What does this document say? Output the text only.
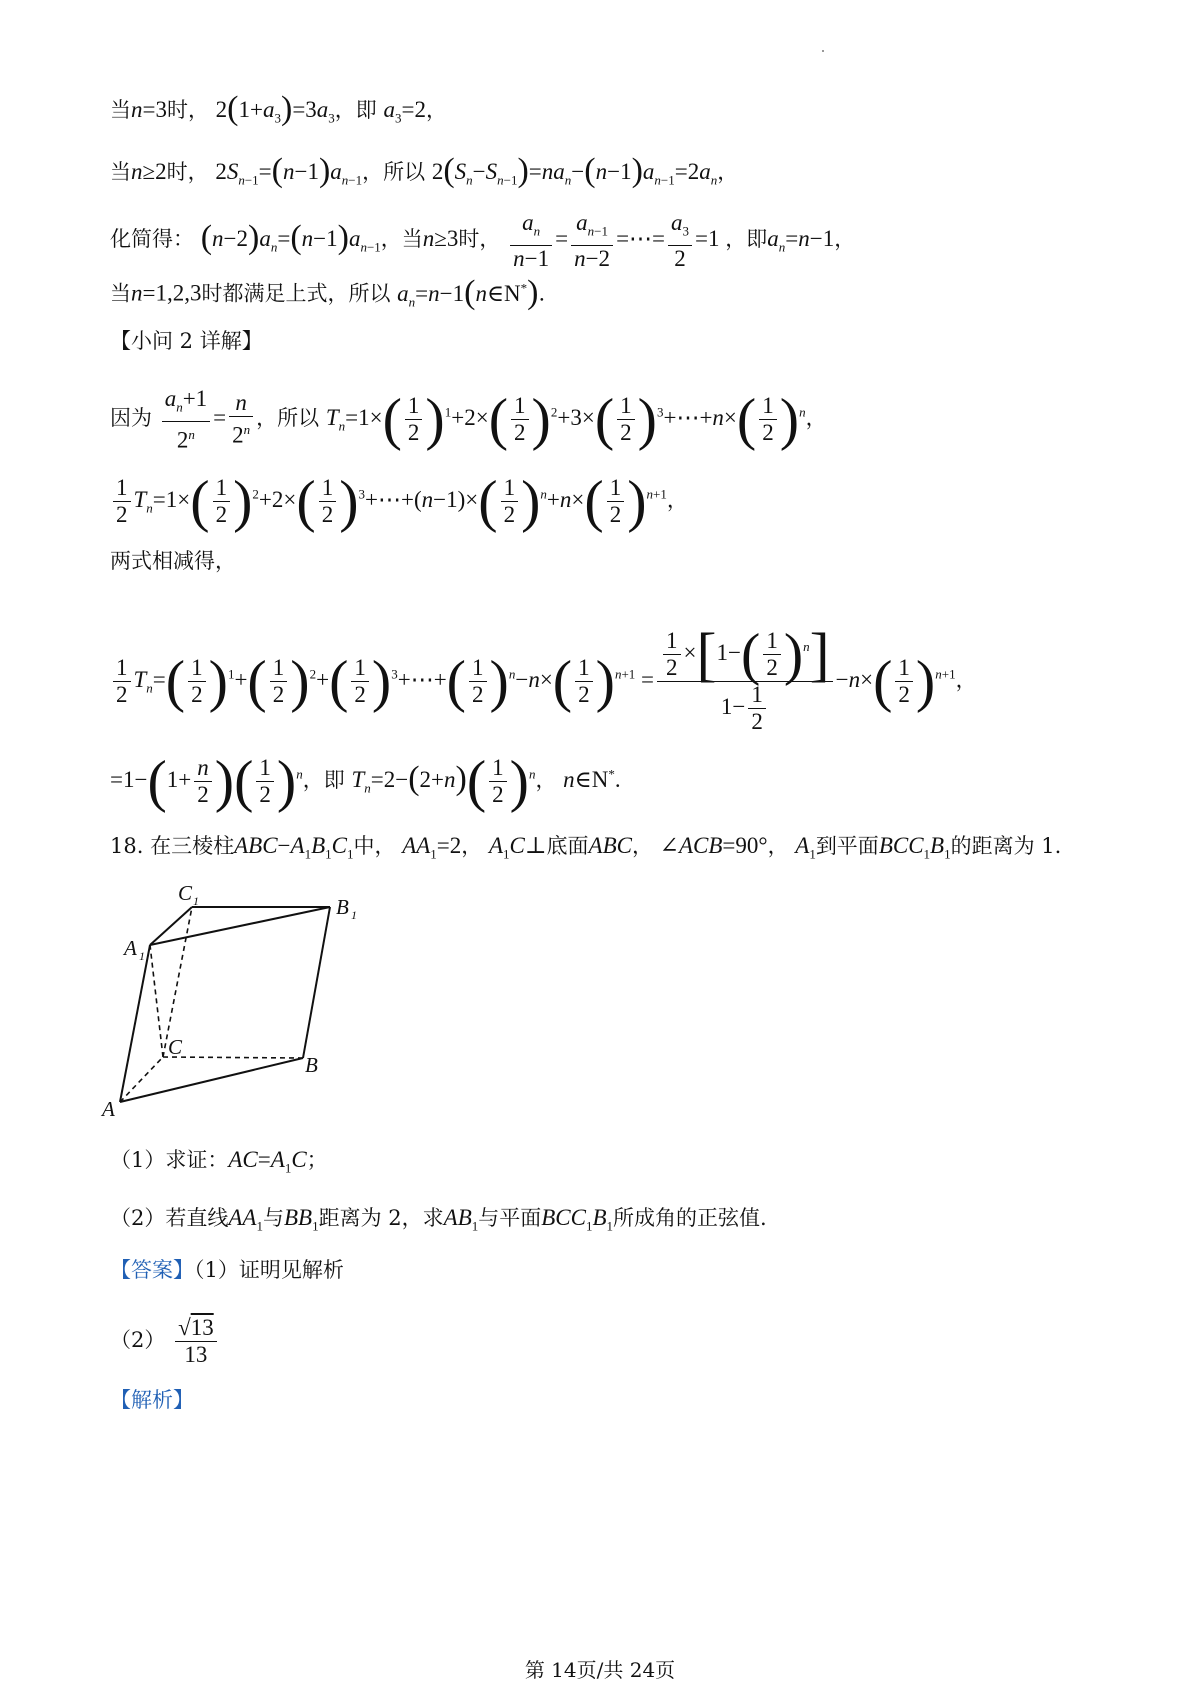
当n=3时， $2(1+a_3)=3a_3$，即 $a_3=2$，
当n≥2时， $2S_{n-1}=(n-1)a_{n-1}$，所以 $2(S_n-S_{n-1})=na_n-(n-1)a_{n-1}=2a_n$，
化简得： $(n-2)a_n=(n-1)a_{n-1}$，当n≥3时， $\frac{a_n}{n-1} = \frac{a_{n-1}}{n-2}$ =⋯= $\frac{a_3}{2} =1$ ，即$a_n=n-1$，
当n=1,2,3时都满足上式，所以 $a_n=n-1(n\in N^*)$.
【小问 2 详解】
因为 $\frac{a_n+1}{2^n} = \frac{n}{2^n}$ ，所以 $T_n=1\times( \frac{1}{2} )^1+2\times( \frac{1}{2} )^2+3\times( \frac{1}{2}$ )$^3+\cdots+n\times( \frac{1}{2} )^n$，
$\frac{1}{2} T_n=1\times( \frac{1}{2} )^2+2\times( \frac{1}{2}$ )$^3+\cdots+(n-1)\times( \frac{1}{2} )^n+n\times( \frac{1}{2} )^{n+1}$，
两式相减得，
$\frac{1}{2} T_n=( \frac{1}{2} )^1+( \frac{1}{2} )^2+( \frac{1}{2}$ )$^3+\cdots+( \frac{1}{2} )^n-n\times( \frac{1}{2} )^{n+1} = \frac{\frac{1}{2} \times[1-( \frac{1}{2} )^n]}{1- \frac{1}{2}} -n\times( \frac{1}{2} )^{n+1}$，
$=1-(1+ \frac{n}{2}$ )( $\frac{1}{2} )^n$，即 $T_n=2-(2+n)( \frac{1}{2} )^n$， n∈N*.
18. 在三棱柱$ABC-A_1B_1C_1$中， $AA_1=2$， $A_1C\perp$底面ABC， ∠ACB=90°， $A_1$到平面$BCC_1B_1$的距离为 1.
A
B
C
A 1
B 1
C 1
（1）求证：$AC=A_1C$；
（2）若直线$AA_1$与$BB_1$距离为 2，求$AB_1$与平面$BCC_1B_1$所成角的正弦值.
【答案】（1）证明见解析
$(2) \frac{√13}{13}$
【解析】
第 14页/共 24页
